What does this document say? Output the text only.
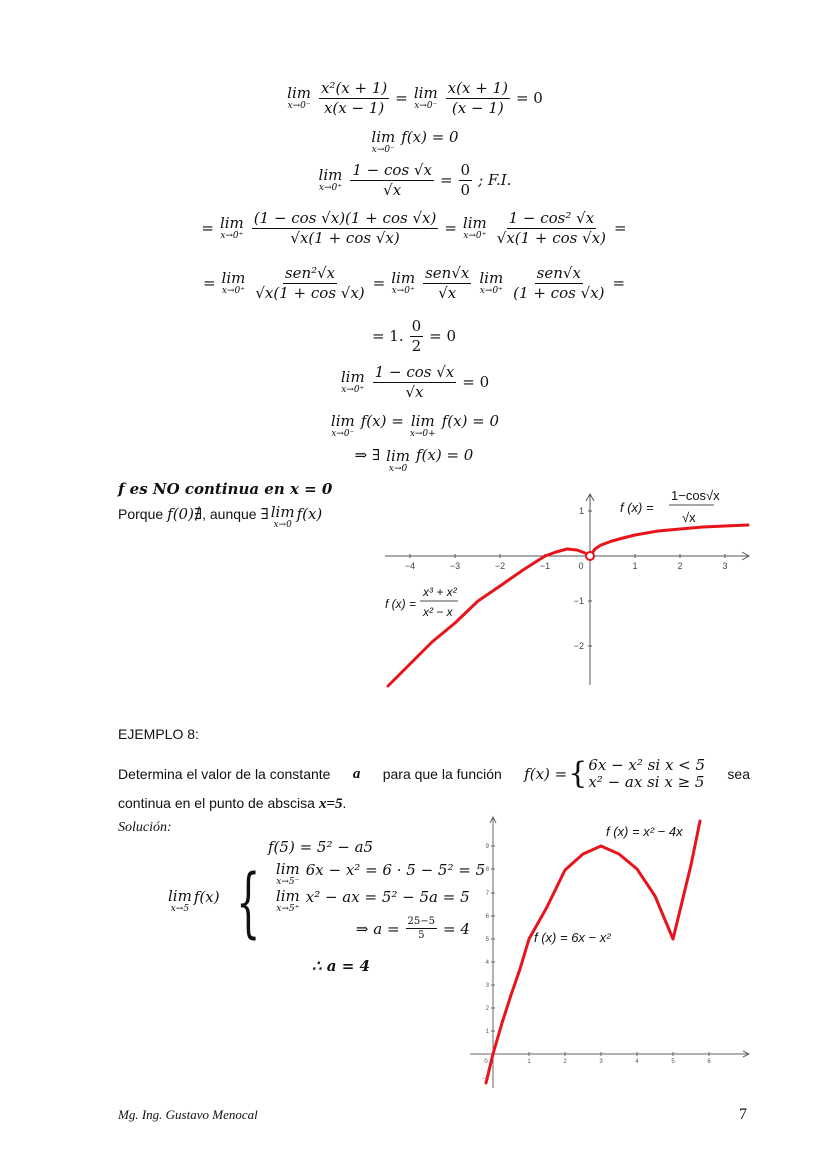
lim
$x\to 0^- \frac{\text{x²(x + 1)}}{x(x - 1)} = \lim$
$x\to 0^- \frac{x(x + 1)}{(x - 1)} = 0$
lim
x→0⁻
f(x) = 0
lim
$x\to 0^+ \frac{1 - \cos √x}{√x} = \frac{0}{0}$ ; F.I.
= lim
$x\to 0^+ \frac{(1 - \cos √x)(1 + \cos √x)}{√x(1 + \cos √x)} = \lim$
$x\to 0^+ \frac{\text{1 − cos² √x}}{√x(1 + \cos √x)}$ =
= lim
$x\to 0^+ \frac{\text{sen²√x}}{√x(1 + \cos √x)} = \lim$
$x\to 0^+ \frac{\text{sen√x}}{√x}$ lim
$x\to 0^+ \frac{\text{sen√x}}{(1 + \cos √x)}$ =
= 1. $\frac{0}{2} = 0$
lim
$x\to 0^+ \frac{1 - \cos √x}{√x} = 0$
lim
x→0⁻
f(x) = lim
x→0+
f(x) = 0
⇒ ∃ lim
x→0
f(x) = 0
f es NO continua en x = 0
Porque f(0)∄, aunque ∃ lim
x→0
f(x)
−4	−3	−2	−1	0	1	2	3
1
−1
−2
f (x) =
1−cos√x
√x
f (x) =
x³ + x²
x² − x
EJEMPLO 8:
Determina el valor de la constante a para que la función f(x) = { 6x − x² si x < 5
x² − ax si x ≥ 5 sea
continua en el punto de abscisa x=5.
Solución:
f(5) = 5² − a5
lim
x→5
f(x) { lim
x→5⁻
6x − x² = 6 · 5 − 5² = 5
lim
x→5⁺
x² − ax = 5² − 5a = 5
⇒ $a = \frac{25-5}{5} = 4$
∴ a = 4
0	1	2	3	4	5	6
−1
1
2
3
4
5
6
7
8
9
f (x) = x² − 4x
f (x) = 6x − x²
Mg. Ing. Gustavo Menocal	7
